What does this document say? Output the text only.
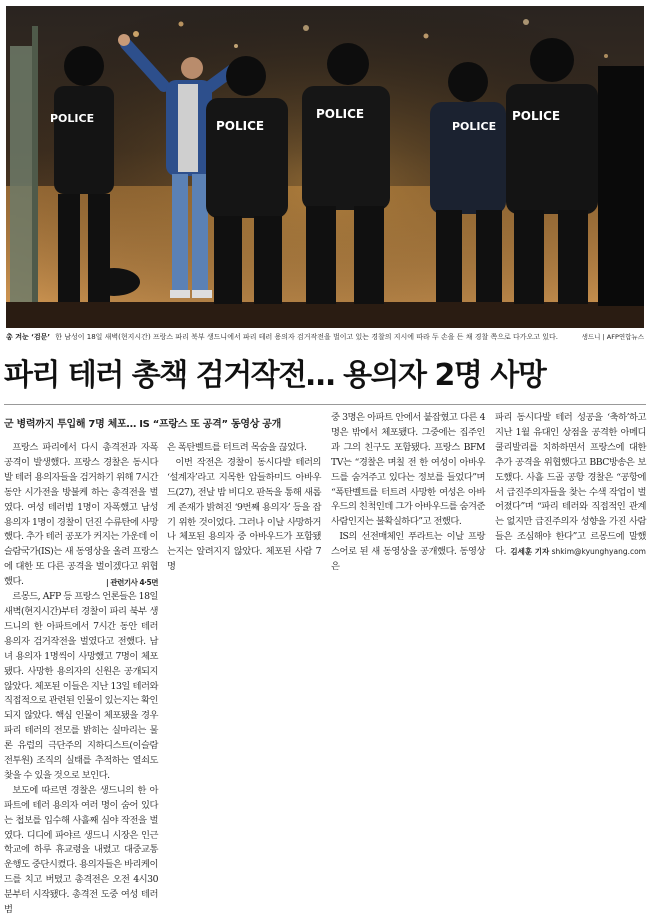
POLICE
POLICE
POLICE
POLICE
POLICE
총 겨눈 ‘검문’ 한 남성이 18일 새벽(현지시간) 프랑스 파리 북부 생드니에서 파리 테러 용의자 검거작전을 벌이고 있는 경찰의 지시에 따라 두 손을 든 채 경찰 쪽으로 다가오고 있다.	생드니 | AFP연합뉴스
파리 테러 총책 검거작전… 용의자 2명 사망
군 병력까지 투입해 7명 체포… IS “프랑스 또 공격” 동영상 공개

프랑스 파리에서 다시 총격전과 자폭 공격이 발생했다. 프랑스 경찰은 동시다발 테러 용의자들을 검거하기 위해 7시간 동안 시가전을 방불케 하는 총격전을 벌였다. 여성 테러범 1명이 자폭했고 남성 용의자 1명이 경찰이 던진 수류탄에 사망했다. 추가 테러 공포가 커지는 가운데 이슬람국가(IS)는 새 동영상을 올려 프랑스에 대한 또 다른 공격을 벌이겠다고 위협했다.	| 관련기사 4·5면

르몽드, AFP 등 프랑스 언론들은 18일 새벽(현지시간)부터 경찰이 파리 북부 생드니의 한 아파트에서 7시간 동안 테러 용의자 검거작전을 벌였다고 전했다. 남녀 용의자 1명씩이 사망했고 7명이 체포됐다. 사망한 용의자의 신원은 공개되지 않았다. 체포된 이들은 지난 13일 테러와 직접적으로 관련된 인물이 있는지는 확인되지 않았다. 핵심 인물이 체포됐을 경우 파리 테러의 전모를 밝히는 실마리는 물론 유럽의 극단주의 지하디스트(이슬람 전투원) 조직의 실태를 추적하는 열쇠도 찾을 수 있을 것으로 보인다.

보도에 따르면 경찰은 생드니의 한 아파트에 테러 용의자 여러 명이 숨어 있다는 첩보를 입수해 사흘째 심야 작전을 벌였다. 디디에 파야르 생드니 시장은 인근 학교에 하루 휴교령을 내렸고 대중교통 운행도 중단시켰다. 용의자들은 바리케이드를 치고 버텼고 총격전은 오전 4시30분부터 시작됐다. 총격전 도중 여성 테러범

은 폭탄벨트를 터트려 목숨을 끊었다.

이번 작전은 경찰이 동시다발 테러의 ‘설계자’라고 지목한 압들하미드 아바우드(27), 전날 밤 비디오 판독을 통해 새롭게 존재가 밝혀진 ‘9번째 용의자’ 등을 잡기 위한 것이었다. 그러나 이날 사망하거나 체포된 용의자 중 아바우드가 포함됐는지는 알려지지 않았다. 체포된 사람 7명

중 3명은 아파트 안에서 붙잡혔고 다른 4명은 밖에서 체포됐다. 그중에는 집주인과 그의 친구도 포함됐다. 프랑스 BFM TV는 “경찰은 며칠 전 한 여성이 아바우드를 숨겨주고 있다는 정보를 들었다”며 “폭탄벨트를 터트려 사망한 여성은 아바우드의 친척인데 그가 아바우드를 숨겨준 사람인지는 불확실하다”고 전했다.

IS의 선전매체인 푸라트는 이날 프랑스어로 된 새 동영상을 공개했다. 동영상은

파리 동시다발 테러 성공을 ‘축하’하고 지난 1월 유대인 상점을 공격한 아메디 쿨리발리를 치하하면서 프랑스에 대한 추가 공격을 위협했다고 BBC방송은 보도했다. 사흘 드골 공항 경찰은 “공항에서 급진주의자들을 찾는 수색 작업이 벌어졌다”며 “파리 테러와 직접적인 관계는 없지만 급진주의자 성향을 가진 사람들은 조심해야 한다”고 르몽드에 말했다. 김세훈 기자 shkim@kyunghyang.com
